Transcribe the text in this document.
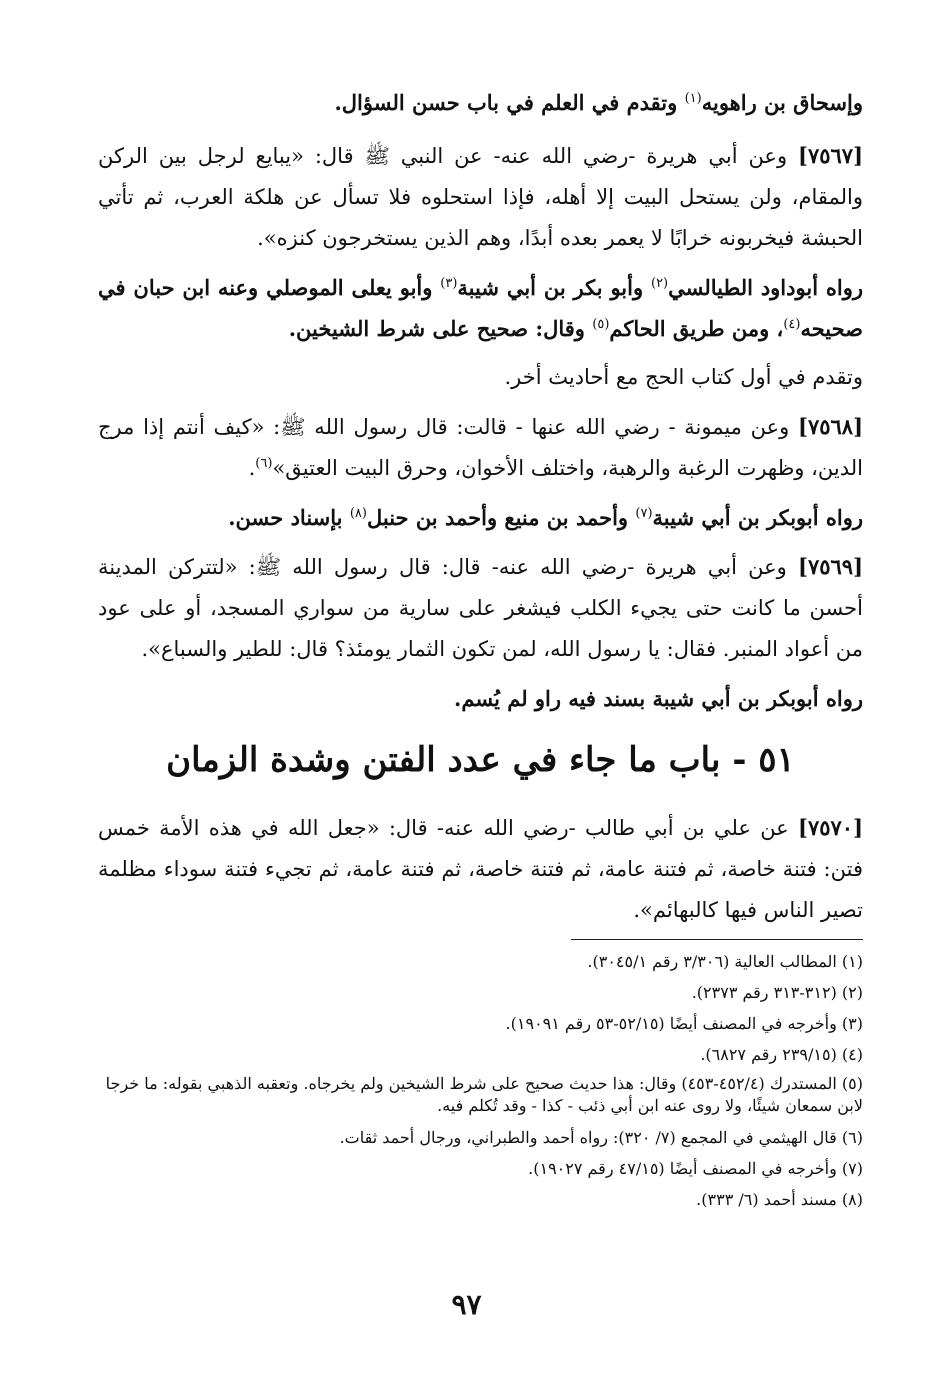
وإسحاق بن راهويه$^{(١)}$ وتقدم في العلم في باب حسن السؤال.

[٧٥٦٧] وعن أبي هريرة -رضي الله عنه- عن النبي ﷺ قال: «يبايع لرجل بين الركن والمقام، ولن يستحل البيت إلا أهله، فإذا استحلوه فلا تسأل عن هلكة العرب، ثم تأتي الحبشة فيخربونه خرابًا لا يعمر بعده أبدًا، وهم الذين يستخرجون كنزه».

رواه أبوداود الطيالسي$^{(٢)}$ وأبو بكر بن أبي شيبة$^{(٣)}$ وأبو يعلى الموصلي وعنه ابن حبان في صحيحه$^{(٤)}$، ومن طريق الحاكم$^{(٥)}$ وقال: صحيح على شرط الشيخين.

وتقدم في أول كتاب الحج مع أحاديث أخر.

[٧٥٦٨] وعن ميمونة - رضي الله عنها - قالت: قال رسول الله ﷺ: «كيف أنتم إذا مرج الدين، وظهرت الرغبة والرهبة، واختلف الأخوان، وحرق البيت العتيق»$^{(٦)}$.

رواه أبوبكر بن أبي شيبة$^{(٧)}$ وأحمد بن منيع وأحمد بن حنبل$^{(٨)}$ بإسناد حسن.

[٧٥٦٩] وعن أبي هريرة -رضي الله عنه- قال: قال رسول الله ﷺ: «لتتركن المدينة أحسن ما كانت حتى يجيء الكلب فيشغر على سارية من سواري المسجد، أو على عود من أعواد المنبر. فقال: يا رسول الله، لمن تكون الثمار يومئذ؟ قال: للطير والسباع».

رواه أبوبكر بن أبي شيبة بسند فيه راو لم يُسم.

٥١ - باب ما جاء في عدد الفتن وشدة الزمان

[٧٥٧٠] عن علي بن أبي طالب -رضي الله عنه- قال: «جعل الله في هذه الأمة خمس فتن: فتنة خاصة، ثم فتنة عامة، ثم فتنة خاصة، ثم فتنة عامة، ثم تجيء فتنة سوداء مظلمة تصير الناس فيها كالبهائم».

(١) المطالب العالية (٣/٣٠٦ رقم ٣٠٤٥/١).

(٢) (٣١٢-٣١٣ رقم ٢٣٧٣).

(٣) وأخرجه في المصنف أيضًا (٥٢/١٥-٥٣ رقم ١٩٠٩١).

(٤) (٢٣٩/١٥ رقم ٦٨٢٧).

(٥) المستدرك (٤٥٢/٤-٤٥٣) وقال: هذا حديث صحيح على شرط الشيخين ولم يخرجاه. وتعقبه الذهبي بقوله: ما خرجا لابن سمعان شيئًا، ولا روى عنه ابن أبي ذئب - كذا - وقد تُكلم فيه.

(٦) قال الهيثمي في المجمع (٧/ ٣٢٠): رواه أحمد والطبراني، ورجال أحمد ثقات.

(٧) وأخرجه في المصنف أيضًا (٤٧/١٥ رقم ١٩٠٢٧).

(٨) مسند أحمد (٦/ ٣٣٣).

٩٧
